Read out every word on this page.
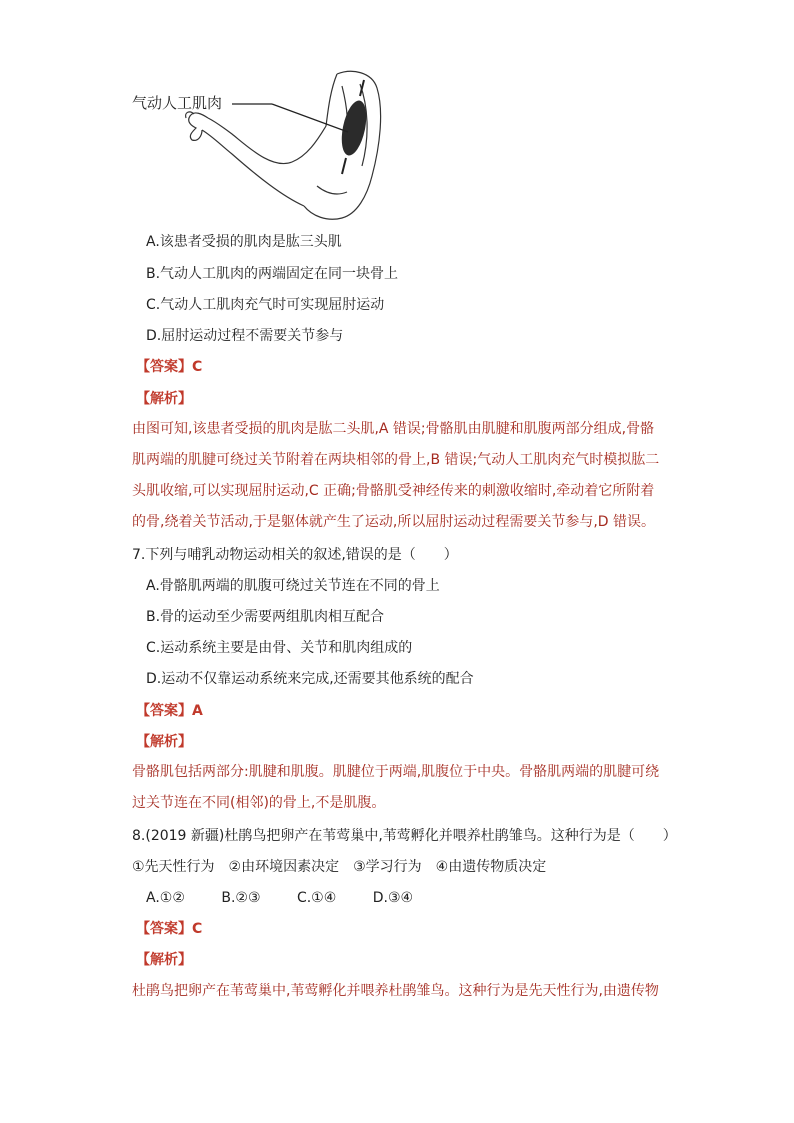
气动人工肌肉
A.该患者受损的肌肉是肱三头肌
B.气动人工肌肉的两端固定在同一块骨上
C.气动人工肌肉充气时可实现屈肘运动
D.屈肘运动过程不需要关节参与
【答案】C
【解析】
由图可知,该患者受损的肌肉是肱二头肌,A 错误;骨骼肌由肌腱和肌腹两部分组成,骨骼
肌两端的肌腱可绕过关节附着在两块相邻的骨上,B 错误;气动人工肌肉充气时模拟肱二
头肌收缩,可以实现屈肘运动,C 正确;骨骼肌受神经传来的刺激收缩时,牵动着它所附着
的骨,绕着关节活动,于是躯体就产生了运动,所以屈肘运动过程需要关节参与,D 错误。
7.下列与哺乳动物运动相关的叙述,错误的是（　　）
A.骨骼肌两端的肌腹可绕过关节连在不同的骨上
B.骨的运动至少需要两组肌肉相互配合
C.运动系统主要是由骨、关节和肌肉组成的
D.运动不仅靠运动系统来完成,还需要其他系统的配合
【答案】A
【解析】
骨骼肌包括两部分:肌腱和肌腹。肌腱位于两端,肌腹位于中央。骨骼肌两端的肌腱可绕
过关节连在不同(相邻)的骨上,不是肌腹。
8.(2019 新疆)杜鹃鸟把卵产在苇莺巢中,苇莺孵化并喂养杜鹃雏鸟。这种行为是（　　）
①先天性行为　②由环境因素决定　③学习行为　④由遗传物质决定
A.①②	B.②③	C.①④	D.③④
【答案】C
【解析】
杜鹃鸟把卵产在苇莺巢中,苇莺孵化并喂养杜鹃雏鸟。这种行为是先天性行为,由遗传物
